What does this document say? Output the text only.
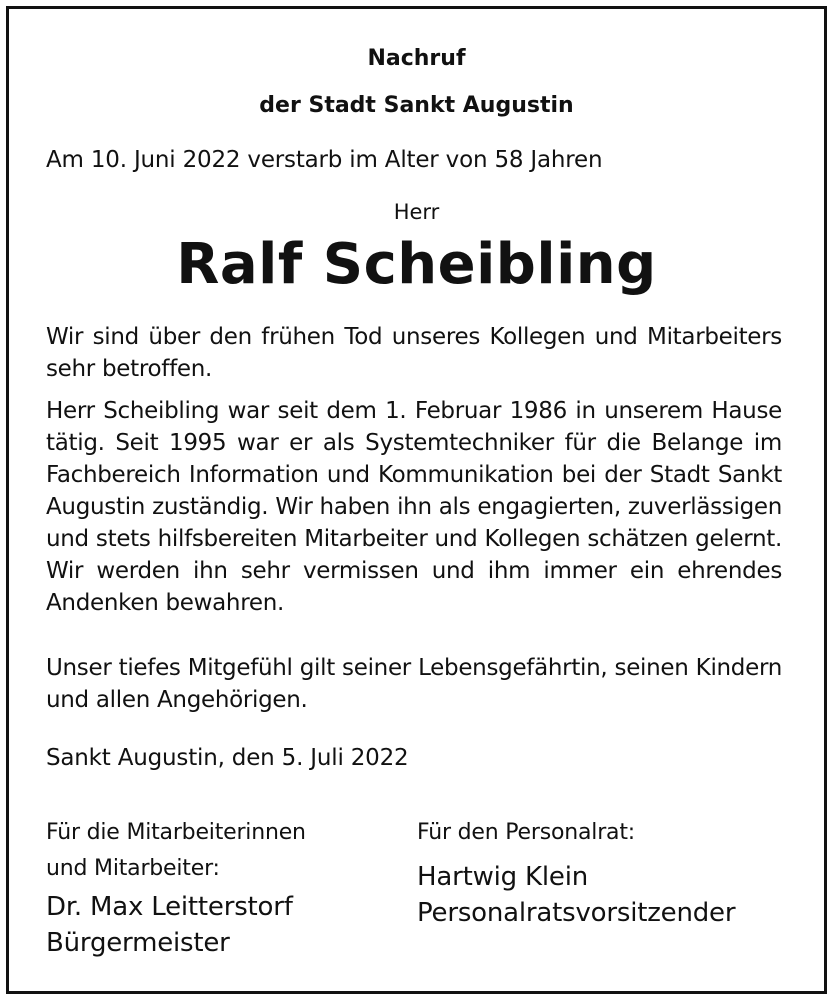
Nachruf
der Stadt Sankt Augustin
Am 10. Juni 2022 verstarb im Alter von 58 Jahren
Herr
Ralf Scheibling
Wir sind über den frühen Tod unseres Kollegen und Mitarbeiters sehr betroffen.
Herr Scheibling war seit dem 1. Februar 1986 in unserem Hause tätig. Seit 1995 war er als Systemtechniker für die Belange im Fachbereich Information und Kommunikation bei der Stadt Sankt Augustin zuständig. Wir haben ihn als engagierten, zuverlässigen und stets hilfsbereiten Mitarbeiter und Kollegen schätzen gelernt. Wir werden ihn sehr vermissen und ihm immer ein ehrendes Andenken bewahren.
Unser tiefes Mitgefühl gilt seiner Lebensgefährtin, seinen Kindern und allen Angehörigen.
Sankt Augustin, den 5. Juli 2022
Für die Mitarbeiterinnen
und Mitarbeiter:
Dr. Max Leitterstorf
Bürgermeister
Für den Personalrat:
Hartwig Klein
Personalratsvorsitzender
